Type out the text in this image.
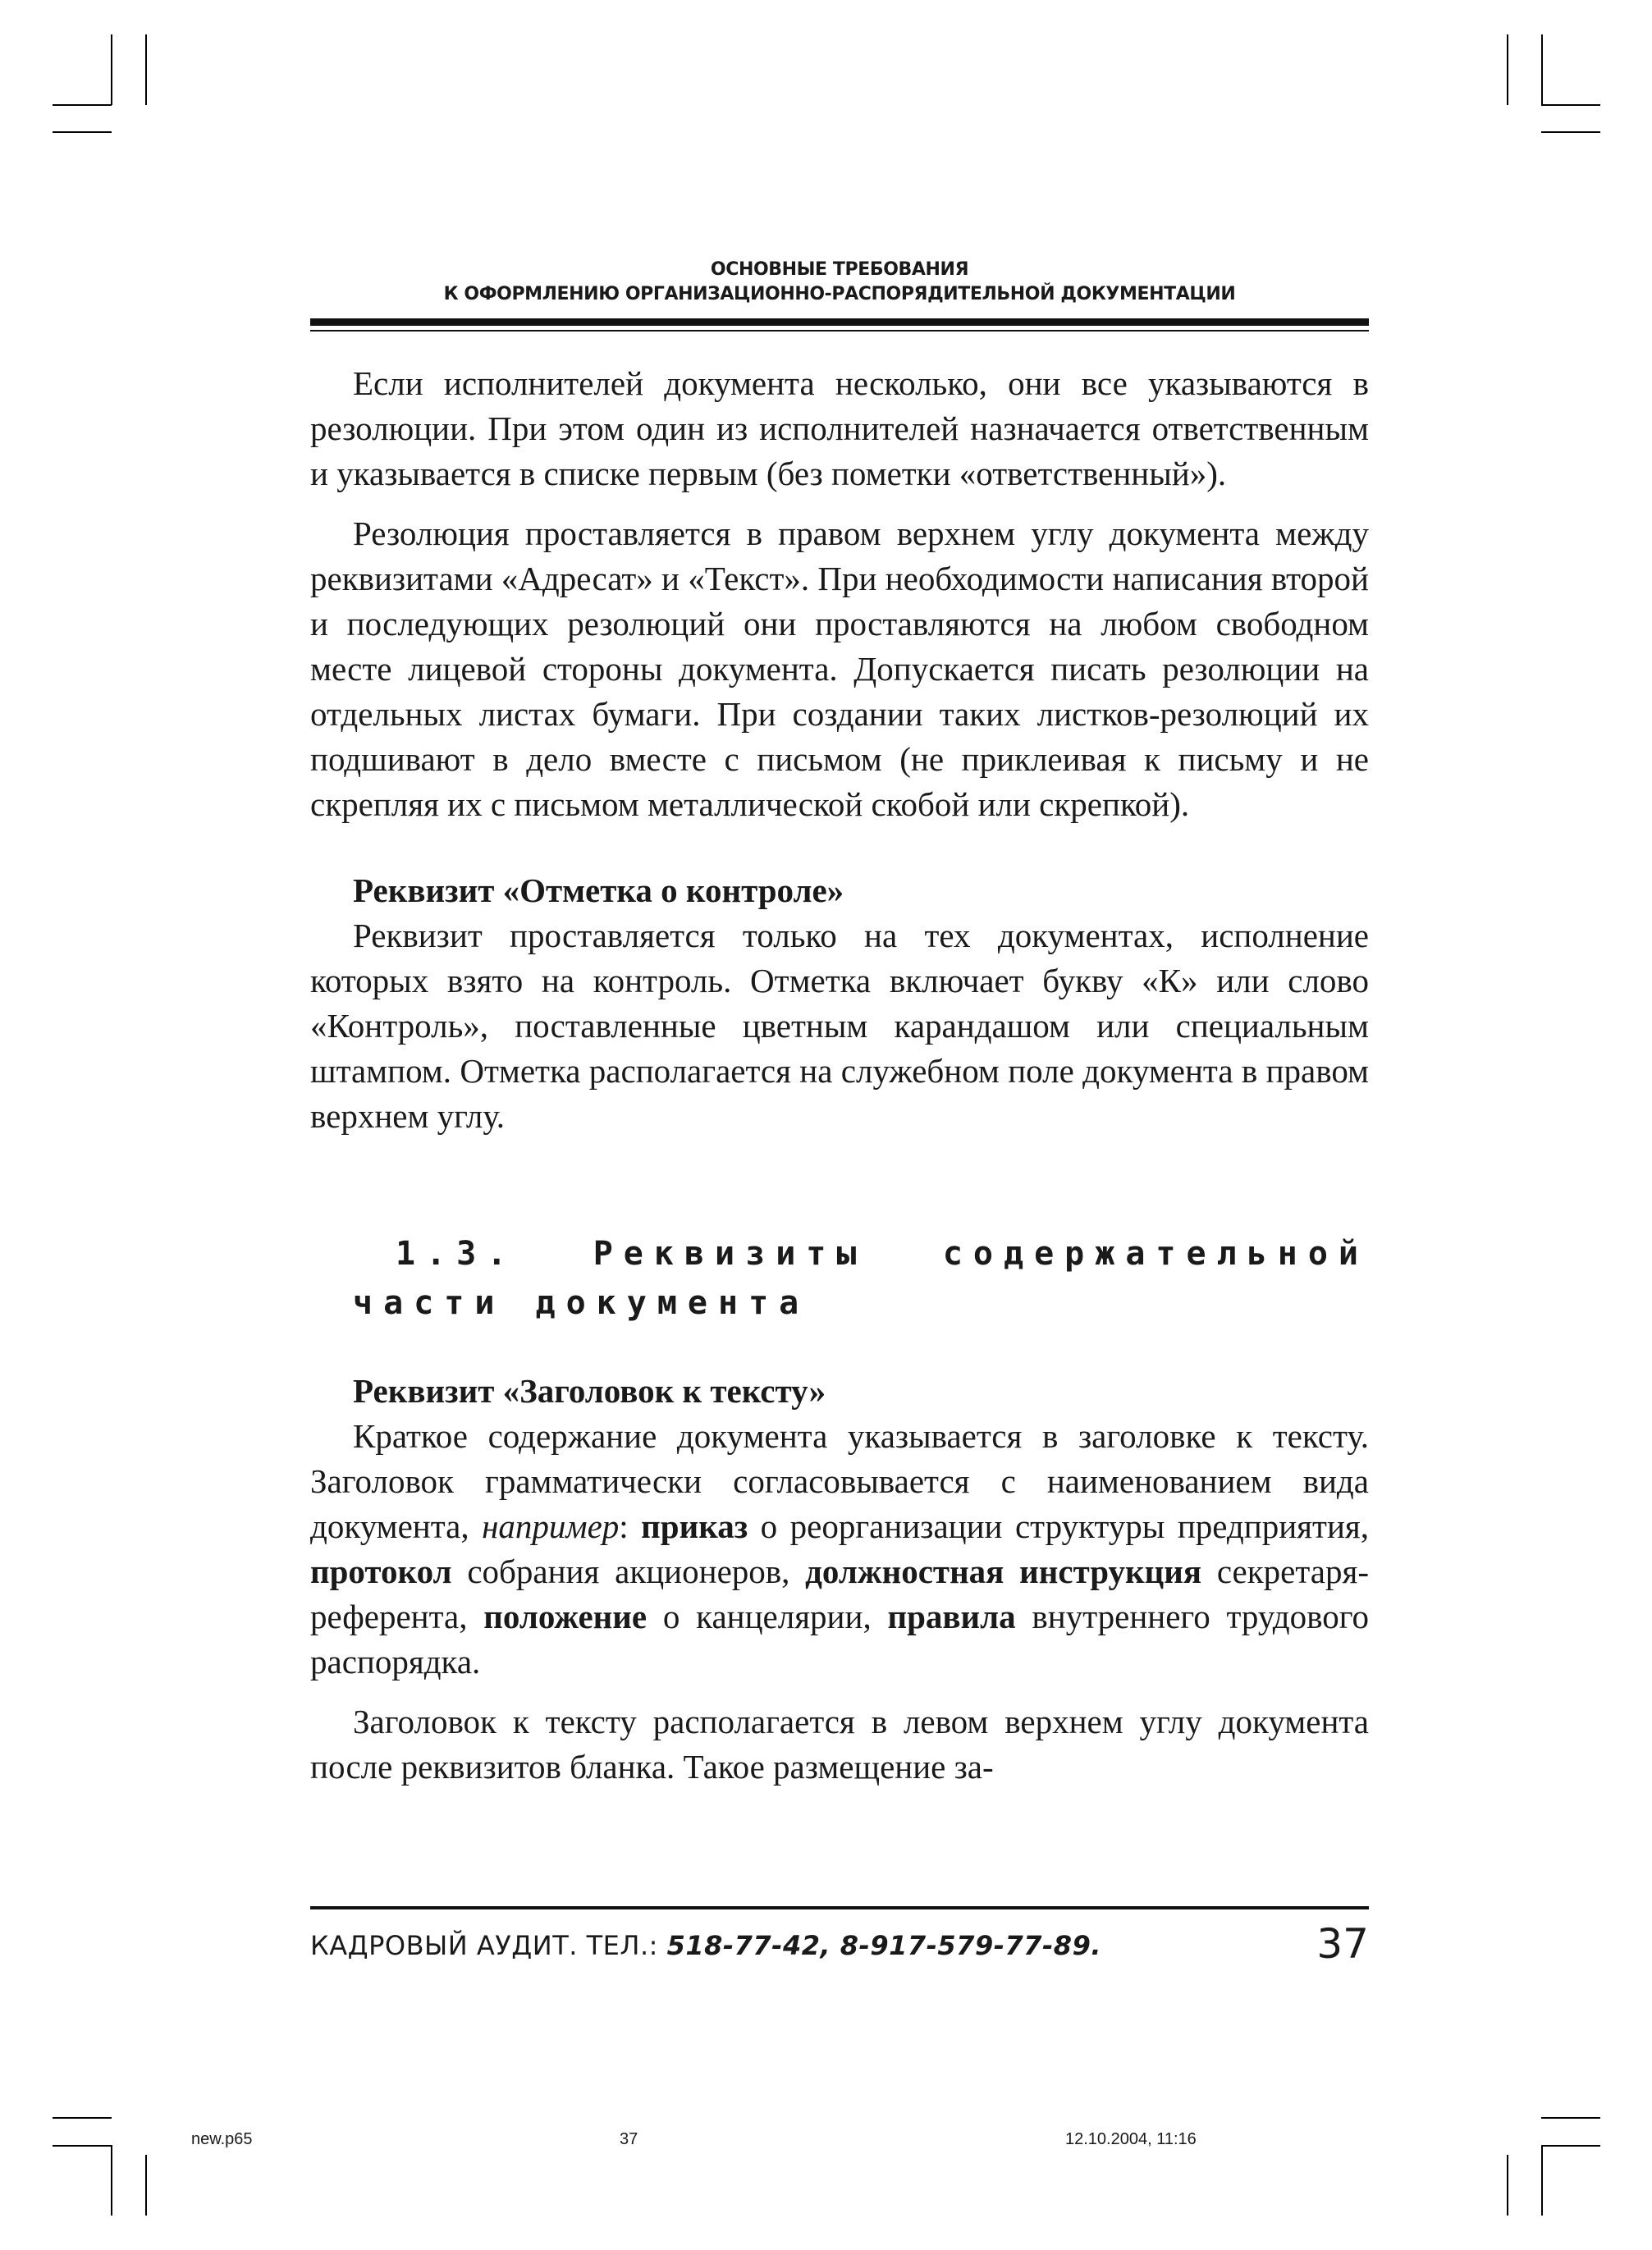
ОСНОВНЫЕ ТРЕБОВАНИЯ
К ОФОРМЛЕНИЮ ОРГАНИЗАЦИОННО-РАСПОРЯДИТЕЛЬНОЙ ДОКУМЕНТАЦИИ

Если исполнителей документа несколько, они все указываются в резолюции. При этом один из исполнителей назначается ответственным и указывается в списке первым (без пометки «ответственный»).

Резолюция проставляется в правом верхнем углу документа между реквизитами «Адресат» и «Текст». При необходимости написания второй и последующих резолюций они проставляются на любом свободном месте лицевой стороны документа. Допускается писать резолюции на отдельных листах бумаги. При создании таких листков-резолюций их подшивают в дело вместе с письмом (не приклеивая к письму и не скрепляя их с письмом металлической скобой или скрепкой).

Реквизит «Отметка о контроле»

Реквизит проставляется только на тех документах, исполнение которых взято на контроль. Отметка включает букву «К» или слово «Контроль», поставленные цветным карандашом или специальным штампом. Отметка располагается на служебном поле документа в правом верхнем углу.

1.3. Реквизиты содержательной части документа

Реквизит «Заголовок к тексту»

Краткое содержание документа указывается в заголовке к тексту. Заголовок грамматически согласовывается с наименованием вида документа, например: приказ о реорганизации структуры предприятия, протокол собрания акционеров, должностная инструкция секретаря-референта, положение о канцелярии, правила внутреннего трудового распорядка.

Заголовок к тексту располагается в левом верхнем углу документа после реквизитов бланка. Такое размещение за-

КАДРОВЫЙ АУДИТ. ТЕЛ.: 518-77-42, 8-917-579-77-89.	37
new.p65	37	12.10.2004, 11:16
